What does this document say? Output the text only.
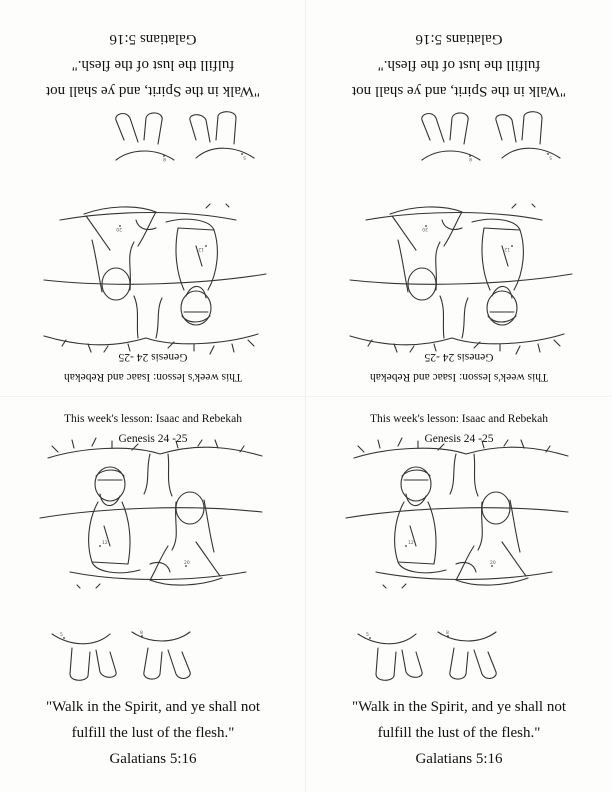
This week's lesson: Isaac and Rebekah
Genesis 24 -25
5
8
12
20
"Walk in the Spirit, and ye shall not
fulfill the lust of the flesh."
Galatians 5:16
This week's lesson: Isaac and Rebekah
Genesis 24 -25
5
8
12
20
"Walk in the Spirit, and ye shall not
fulfill the lust of the flesh."
Galatians 5:16
This week's lesson: Isaac and Rebekah
Genesis 24 -25
5	8
12
20
"Walk in the Spirit, and ye shall not
fulfill the lust of the flesh."
Galatians 5:16
This week's lesson: Isaac and Rebekah
Genesis 24 -25
5	8
12
20
"Walk in the Spirit, and ye shall not
fulfill the lust of the flesh."
Galatians 5:16
